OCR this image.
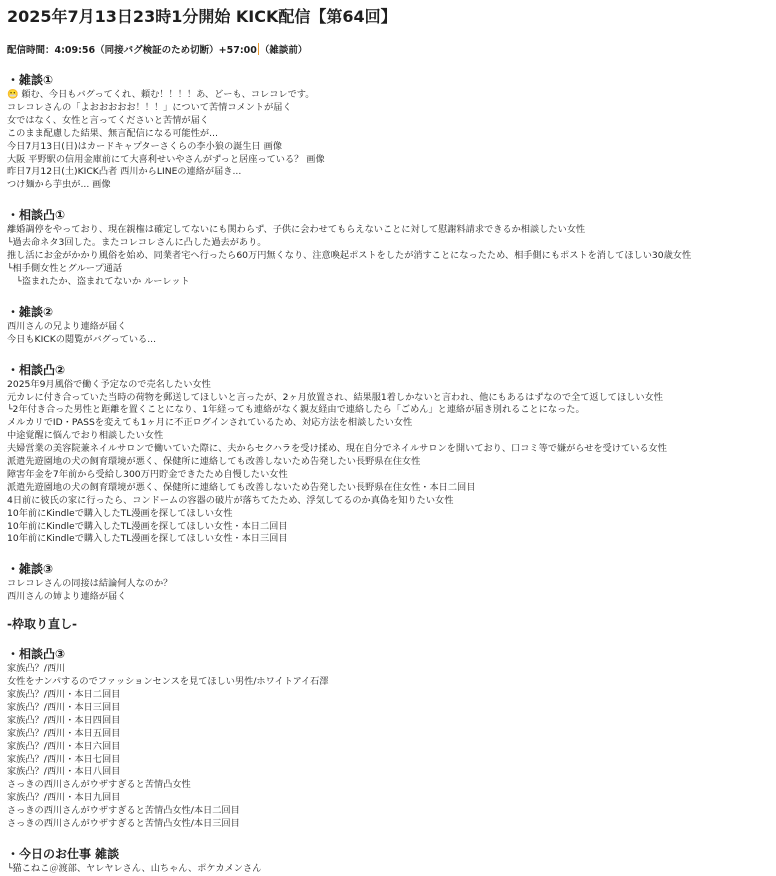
2025年7月13日23時1分開始 KICK配信【第64回】
配信時間：4:09:56（同接バグ検証のため切断）+57:00 （雑談前）
・雑談①
😬 頼む、今日もバグってくれ、頼む！！！！あ、どーも、コレコレです。
コレコレさんの「よおおおおお！！！」について苦情コメントが届く
女ではなく、女性と言ってくださいと苦情が届く
このまま配慮した結果、無言配信になる可能性が...
今日7月13日(日)はカードキャプターさくらの李小狼の誕生日 画像
大阪 平野駅の信用金庫前にて大喜利せいやさんがずっと居座っている？ 画像
昨日7月12日(土)KICK凸者 西川からLINEの連絡が届き...
つけ麺から芋虫が... 画像
・相談凸①
離婚調停をやっており、現在親権は確定してないにも関わらず、子供に会わせてもらえないことに対して慰謝料請求できるか相談したい女性
└過去命ネタ3回した。またコレコレさんに凸した過去があり。
推し活にお金がかかり風俗を始め、同業者宅へ行ったら60万円無くなり、注意喚起ポストをしたが消すことになったため、相手側にもポストを消してほしい30歳女性
└相手側女性とグループ通話
　└盗まれたか、盗まれてないか ルーレット
・雑談②
西川さんの兄より連絡が届く
今日もKICKの閲覧がバグっている...
・相談凸②
2025年9月風俗で働く予定なので売名したい女性
元カレに付き合っていた当時の荷物を郵送してほしいと言ったが、2ヶ月放置され、結果服1着しかないと言われ、他にもあるはずなので全て返してほしい女性
└2年付き合った男性と距離を置くことになり、1年経っても連絡がなく親友経由で連絡したら「ごめん」と連絡が届き別れることになった。
メルカリでID・PASSを変えても1ヶ月に不正ログインされているため、対応方法を相談したい女性
中途覚醒に悩んでおり相談したい女性
夫婦営業の美容院兼ネイルサロンで働いていた際に、夫からセクハラを受け揉め、現在自分でネイルサロンを開いており、口コミ等で嫌がらせを受けている女性
派遣先遊園地の犬の飼育環境が悪く、保健所に連絡しても改善しないため告発したい長野県在住女性
障害年金を7年前から受給し300万円貯金できたため自慢したい女性
派遣先遊園地の犬の飼育環境が悪く、保健所に連絡しても改善しないため告発したい長野県在住女性・本日二回目
4日前に彼氏の家に行ったら、コンドームの容器の破片が落ちてたため、浮気してるのか真偽を知りたい女性
10年前にKindleで購入したTL漫画を探してほしい女性
10年前にKindleで購入したTL漫画を探してほしい女性・本日二回目
10年前にKindleで購入したTL漫画を探してほしい女性・本日三回目
・雑談③
コレコレさんの同接は結論何人なのか？
西川さんの姉より連絡が届く
-枠取り直し-
・相談凸③
家族凸？/西川
女性をナンパするのでファッションセンスを見てほしい男性/ホワイトアイ石澤
家族凸？/西川・本日二回目
家族凸？/西川・本日三回目
家族凸？/西川・本日四回目
家族凸？/西川・本日五回目
家族凸？/西川・本日六回目
家族凸？/西川・本日七回目
家族凸？/西川・本日八回目
さっきの西川さんがウザすぎると苦情凸女性
家族凸？/西川・本日九回目
さっきの西川さんがウザすぎると苦情凸女性/本日二回目
さっきの西川さんがウザすぎると苦情凸女性/本日三回目
・今日のお仕事 雑談
└猫こねこ＠渡部、ヤレヤレさん、山ちゃん、ポケカメンさん
